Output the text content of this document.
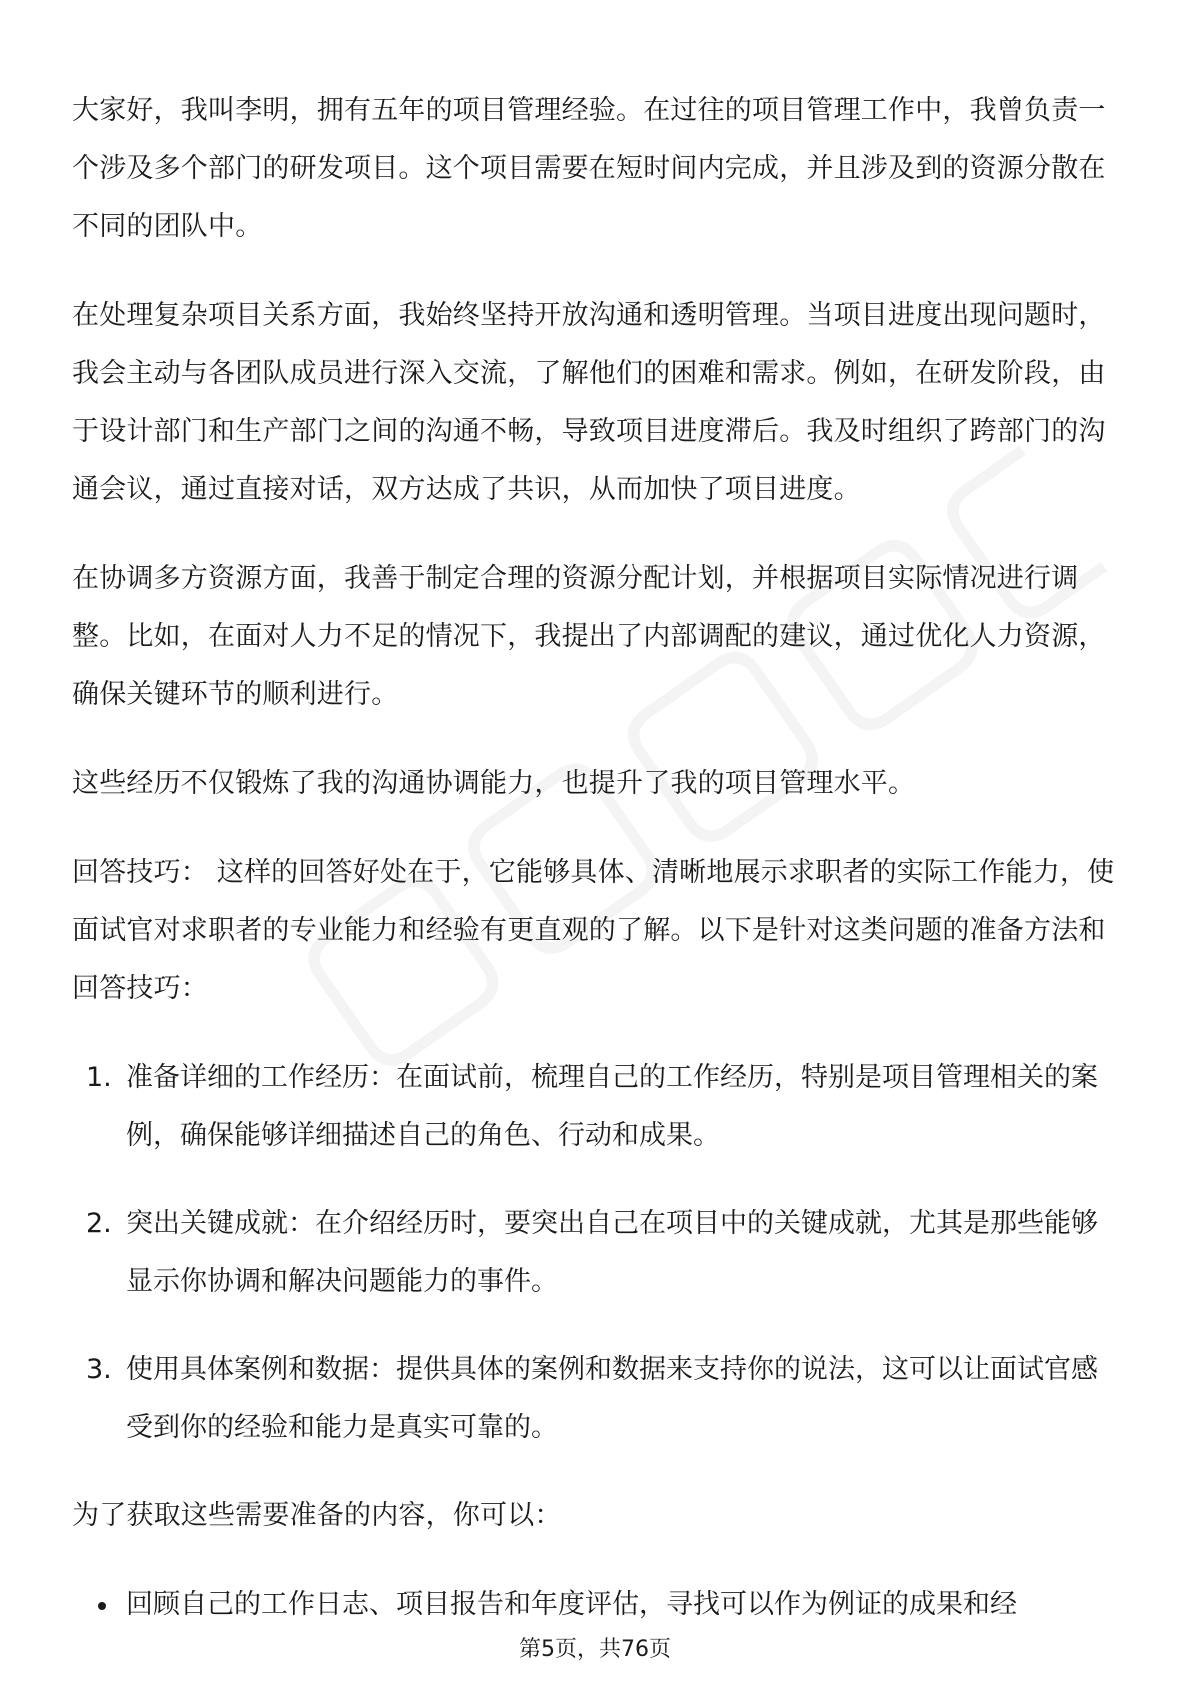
大家好，我叫李明，拥有五年的项目管理经验。在过往的项目管理工作中，我曾负责一个涉及多个部门的研发项目。这个项目需要在短时间内完成，并且涉及到的资源分散在不同的团队中。

在处理复杂项目关系方面，我始终坚持开放沟通和透明管理。当项目进度出现问题时，我会主动与各团队成员进行深入交流，了解他们的困难和需求。例如，在研发阶段，由于设计部门和生产部门之间的沟通不畅，导致项目进度滞后。我及时组织了跨部门的沟通会议，通过直接对话，双方达成了共识，从而加快了项目进度。

在协调多方资源方面，我善于制定合理的资源分配计划，并根据项目实际情况进行调整。比如，在面对人力不足的情况下，我提出了内部调配的建议，通过优化人力资源，确保关键环节的顺利进行。

这些经历不仅锻炼了我的沟通协调能力，也提升了我的项目管理水平。

回答技巧： 这样的回答好处在于，它能够具体、清晰地展示求职者的实际工作能力，使面试官对求职者的专业能力和经验有更直观的了解。以下是针对这类问题的准备方法和回答技巧：

1. 准备详细的工作经历：在面试前，梳理自己的工作经历，特别是项目管理相关的案例，确保能够详细描述自己的角色、行动和成果。
2. 突出关键成就：在介绍经历时，要突出自己在项目中的关键成就，尤其是那些能够显示你协调和解决问题能力的事件。
3. 使用具体案例和数据：提供具体的案例和数据来支持你的说法，这可以让面试官感受到你的经验和能力是真实可靠的。

为了获取这些需要准备的内容，你可以：

回顾自己的工作日志、项目报告和年度评估，寻找可以作为例证的成果和经
第5页，共76页
